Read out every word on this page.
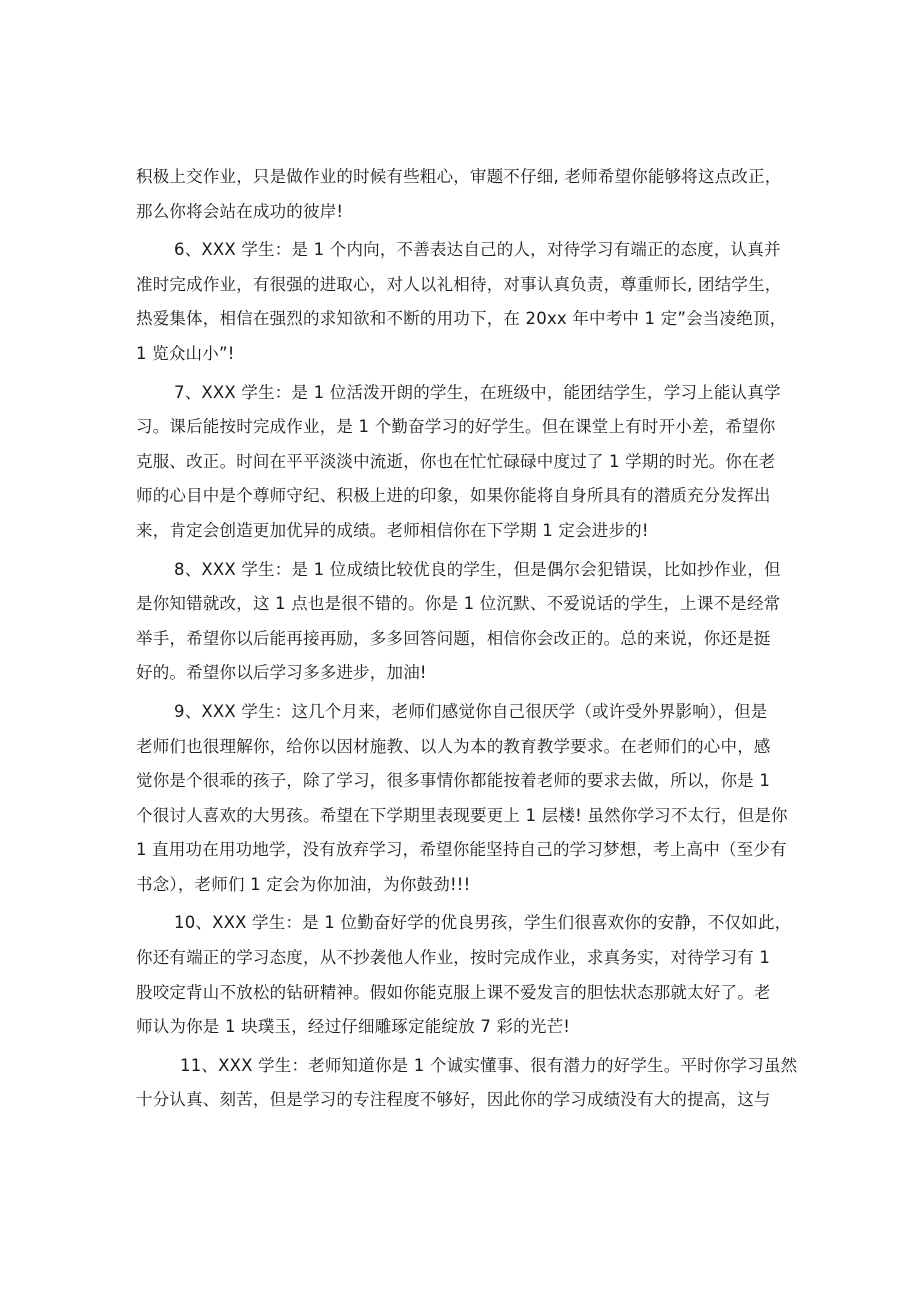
积极上交作业，只是做作业的时候有些粗心，审题不仔细, 老师希望你能够将这点改正，
那么你将会站在成功的彼岸!
6、XXX 学生：是 1 个内向，不善表达自己的人，对待学习有端正的态度，认真并
准时完成作业，有很强的进取心，对人以礼相待，对事认真负责，尊重师长, 团结学生，
热爱集体，相信在强烈的求知欲和不断的用功下，在 20xx 年中考中 1 定”会当凌绝顶，
1 览众山小”!
7、XXX 学生：是 1 位活泼开朗的学生，在班级中，能团结学生，学习上能认真学
习。课后能按时完成作业，是 1 个勤奋学习的好学生。但在课堂上有时开小差，希望你
克服、改正。时间在平平淡淡中流逝，你也在忙忙碌碌中度过了 1 学期的时光。你在老
师的心目中是个尊师守纪、积极上进的印象，如果你能将自身所具有的潜质充分发挥出
来，肯定会创造更加优异的成绩。老师相信你在下学期 1 定会进步的!
8、XXX 学生：是 1 位成绩比较优良的学生，但是偶尔会犯错误，比如抄作业，但
是你知错就改，这 1 点也是很不错的。你是 1 位沉默、不爱说话的学生，上课不是经常
举手，希望你以后能再接再励，多多回答问题，相信你会改正的。总的来说，你还是挺
好的。希望你以后学习多多进步，加油!
9、XXX 学生：这几个月来，老师们感觉你自己很厌学（或许受外界影响），但是
老师们也很理解你，给你以因材施教、以人为本的教育教学要求。在老师们的心中，感
觉你是个很乖的孩子，除了学习，很多事情你都能按着老师的要求去做，所以，你是 1
个很讨人喜欢的大男孩。希望在下学期里表现要更上 1 层楼! 虽然你学习不太行，但是你
1 直用功在用功地学，没有放弃学习，希望你能坚持自己的学习梦想，考上高中（至少有
书念），老师们 1 定会为你加油，为你鼓劲!!!
10、XXX 学生：是 1 位勤奋好学的优良男孩，学生们很喜欢你的安静，不仅如此，
你还有端正的学习态度，从不抄袭他人作业，按时完成作业，求真务实，对待学习有 1
股咬定背山不放松的钻研精神。假如你能克服上课不爱发言的胆怯状态那就太好了。老
师认为你是 1 块璞玉，经过仔细雕琢定能绽放 7 彩的光芒!
11、XXX 学生：老师知道你是 1 个诚实懂事、很有潜力的好学生。平时你学习虽然
十分认真、刻苦，但是学习的专注程度不够好，因此你的学习成绩没有大的提高，这与
